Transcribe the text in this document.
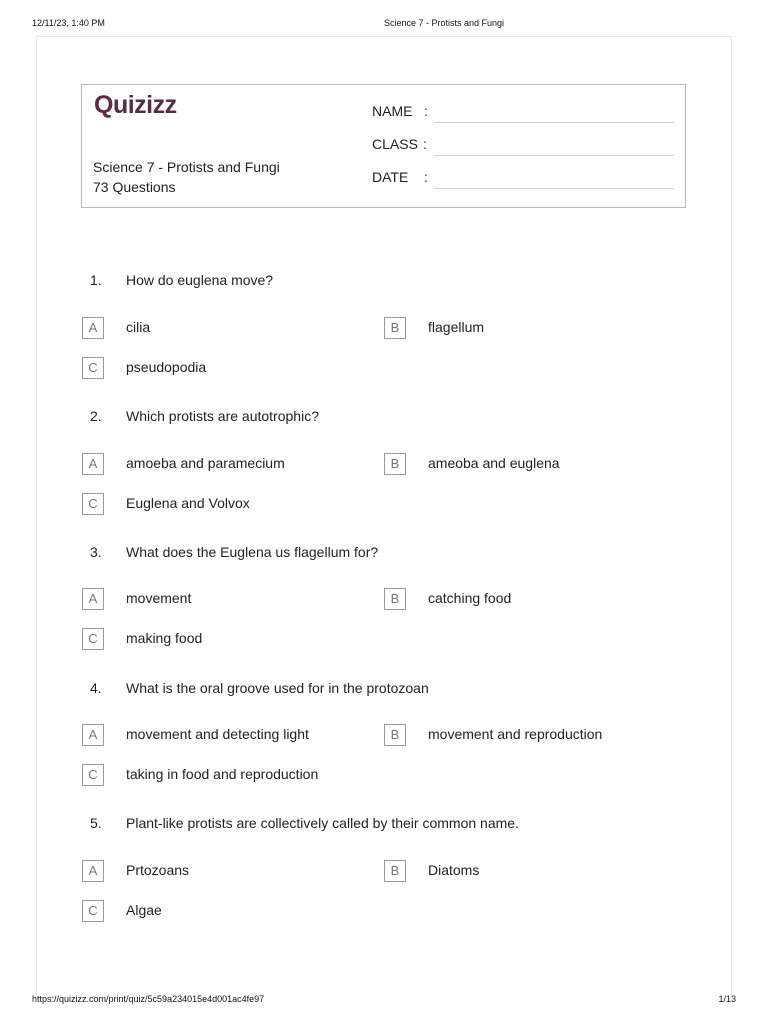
12/11/23, 1:40 PM	Science 7 - Protists and Fungi
Quizizz
Science 7 - Protists and Fungi
73 Questions
NAME :
CLASS :
DATE :
1. How do euglena move?
A	cilia	B	flagellum
C	pseudopodia
2. Which protists are autotrophic?
A	amoeba and paramecium	B	ameoba and euglena
C	Euglena and Volvox
3. What does the Euglena us flagellum for?
A	movement	B	catching food
C	making food
4. What is the oral groove used for in the protozoan
A	movement and detecting light	B	movement and reproduction
C	taking in food and reproduction
5. Plant-like protists are collectively called by their common name.
A	Prtozoans	B	Diatoms
C	Algae
https://quizizz.com/print/quiz/5c59a234015e4d001ac4fe97	1/13
